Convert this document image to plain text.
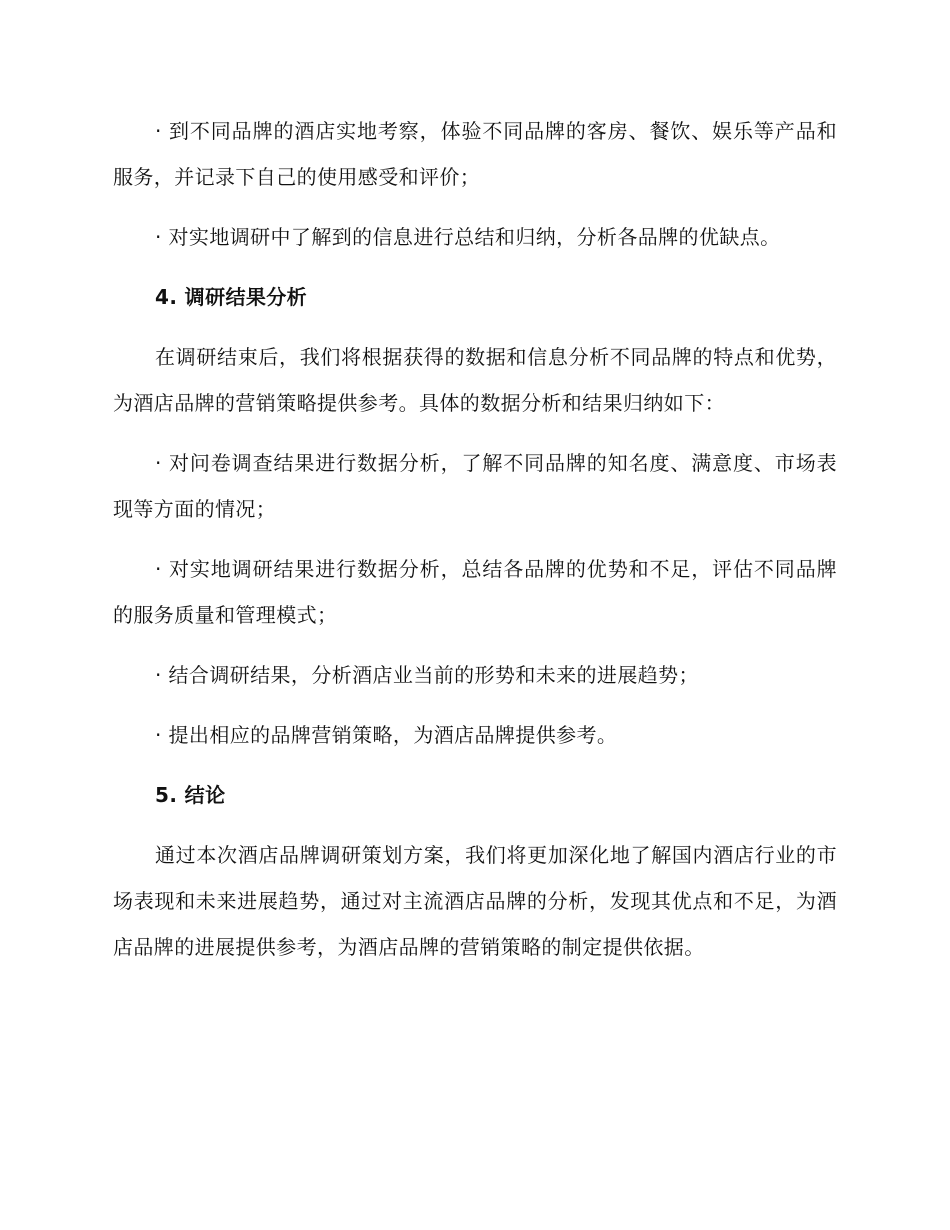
· 到不同品牌的酒店实地考察，体验不同品牌的客房、餐饮、娱乐等产品和服务，并记录下自己的使用感受和评价；

· 对实地调研中了解到的信息进行总结和归纳，分析各品牌的优缺点。

4. 调研结果分析

在调研结束后，我们将根据获得的数据和信息分析不同品牌的特点和优势，为酒店品牌的营销策略提供参考。具体的数据分析和结果归纳如下：

· 对问卷调查结果进行数据分析，了解不同品牌的知名度、满意度、市场表现等方面的情况；

· 对实地调研结果进行数据分析，总结各品牌的优势和不足，评估不同品牌的服务质量和管理模式；

· 结合调研结果，分析酒店业当前的形势和未来的进展趋势；

· 提出相应的品牌营销策略，为酒店品牌提供参考。

5. 结论

通过本次酒店品牌调研策划方案，我们将更加深化地了解国内酒店行业的市场表现和未来进展趋势，通过对主流酒店品牌的分析，发现其优点和不足，为酒店品牌的进展提供参考，为酒店品牌的营销策略的制定提供依据。
